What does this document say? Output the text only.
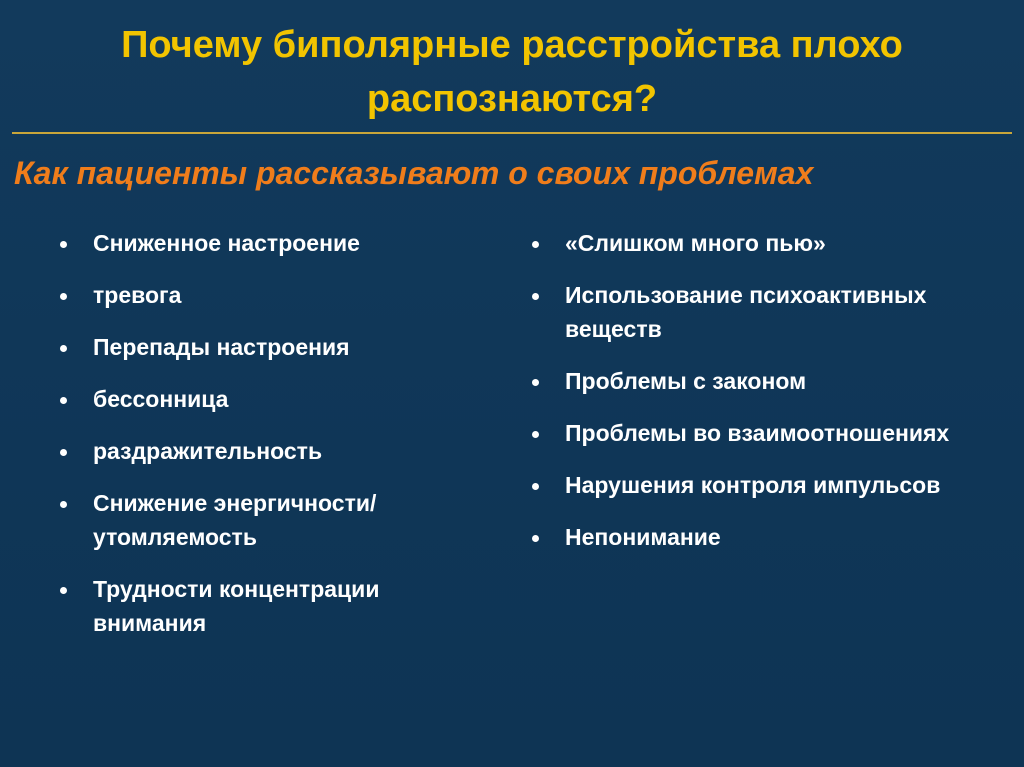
Почему биполярные расстройства плохо распознаются?
Как пациенты рассказывают о своих проблемах
Сниженное настроение
тревога
Перепады настроения
бессонница
раздражительность
Снижение энергичности/ утомляемость
Трудности концентрации внимания
«Слишком много пью»
Использование психоактивных веществ
Проблемы с законом
Проблемы во взаимоотношениях
Нарушения контроля импульсов
Непонимание
